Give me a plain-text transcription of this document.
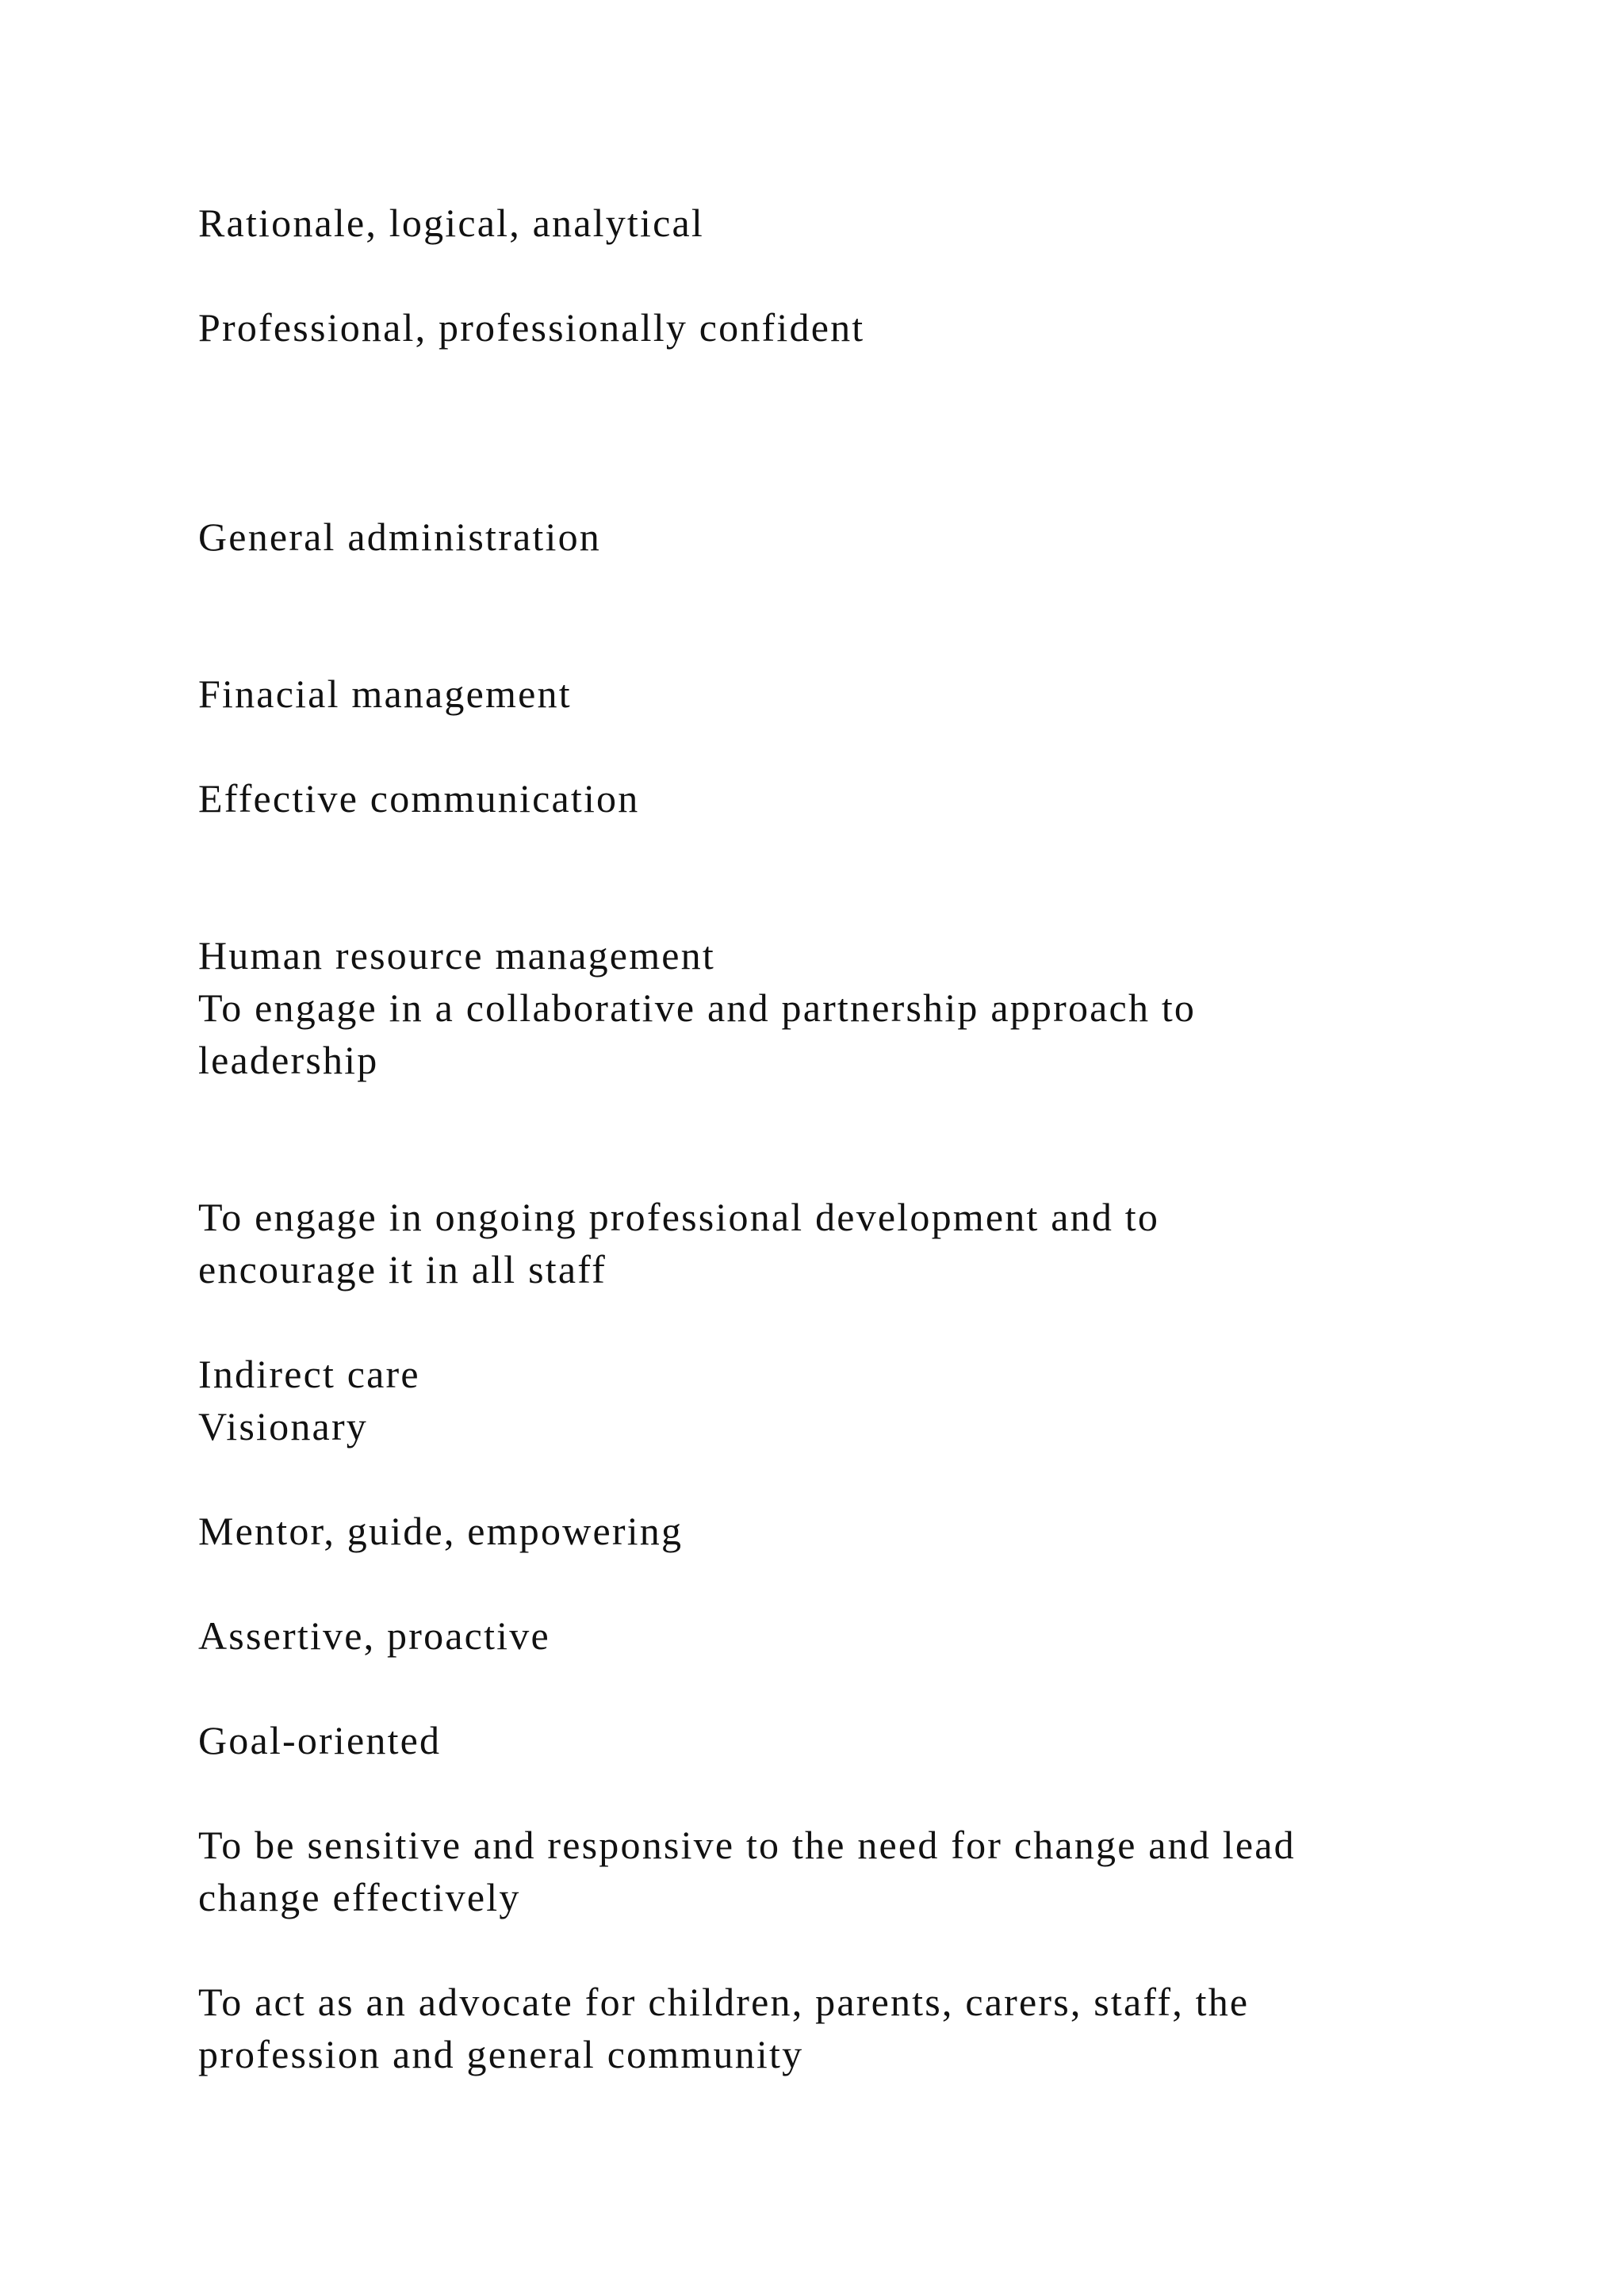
Rationale, logical, analytical

Professional, professionally confident

General administration

Finacial management

Effective communication

Human resource management

To engage in a collaborative and partnership approach to

leadership

To engage in ongoing professional development and to

encourage it in all staff

Indirect care

Visionary

Mentor, guide, empowering

Assertive, proactive

Goal-oriented

To be sensitive and responsive to the need for change and lead

change effectively

To act as an advocate for children, parents, carers, staff, the

profession and general community
